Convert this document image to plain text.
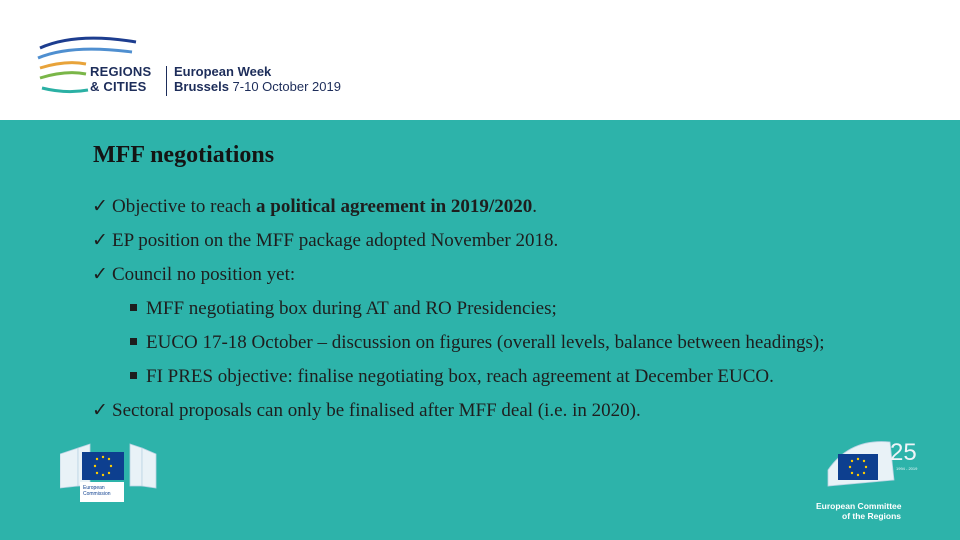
REGIONS
& CITIES
European Week
Brussels 7-10 October 2019
MFF negotiations
✓ Objective to reach a political agreement in 2019/2020.
✓ EP position on the MFF package adopted November 2018.
✓ Council no position yet:
MFF negotiating box during AT and RO Presidencies;
EUCO 17-18 October – discussion on figures (overall levels, balance between headings);
FI PRES objective: finalise negotiating box, reach agreement at December EUCO.
✓ Sectoral proposals can only be finalised after MFF deal (i.e. in 2020).
European
Commission
25
1994 - 2019
European Committee
of the Regions
